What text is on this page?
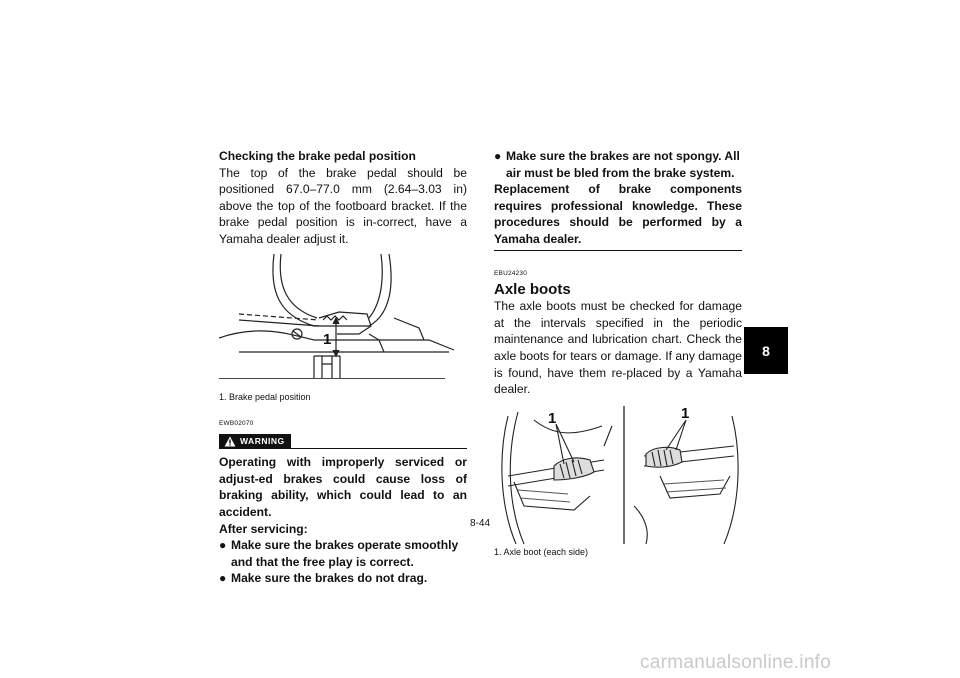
Checking the brake pedal position
The top of the brake pedal should be positioned 67.0–77.0 mm (2.64–3.03 in) above the top of the footboard bracket. If the brake pedal position is in-correct, have a Yamaha dealer adjust it.
1
1. Brake pedal position
EWB02070
WARNING
Operating with improperly serviced or adjust-ed brakes could cause loss of braking ability, which could lead to an accident.
After servicing:
● Make sure the brakes operate smoothly and that the free play is correct.
● Make sure the brakes do not drag.
● Make sure the brakes are not spongy. All air must be bled from the brake system.
Replacement of brake components requires professional knowledge. These procedures should be performed by a Yamaha dealer.
EBU24230
Axle boots
The axle boots must be checked for damage at the intervals specified in the periodic maintenance and lubrication chart. Check the axle boots for tears or damage. If any damage is found, have them re-placed by a Yamaha dealer.
1	1
1. Axle boot (each side)
8
8-44
carmanualsonline.info
